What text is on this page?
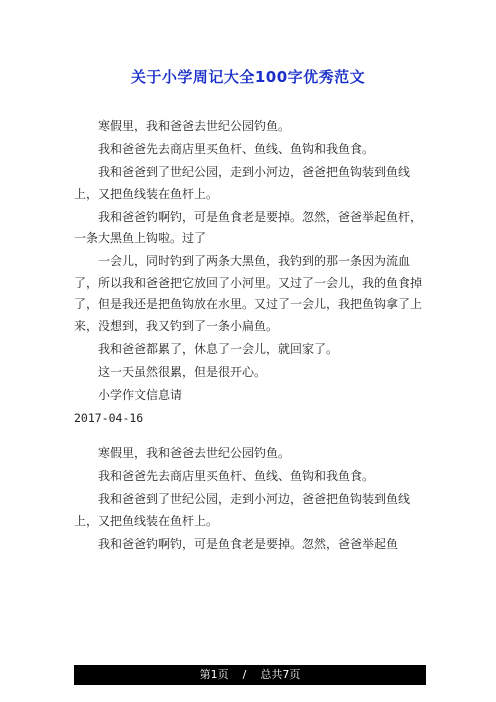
关于小学周记大全100字优秀范文

寒假里，我和爸爸去世纪公园钓鱼。

我和爸爸先去商店里买鱼杆、鱼线、鱼钩和我鱼食。

我和爸爸到了世纪公园，走到小河边，爸爸把鱼钩装到鱼线上，又把鱼线装在鱼杆上。

我和爸爸钓啊钓，可是鱼食老是要掉。忽然，爸爸举起鱼杆，一条大黑鱼上钩啦。过了

一会儿，同时钓到了两条大黑鱼，我钓到的那一条因为流血了，所以我和爸爸把它放回了小河里。又过了一会儿，我的鱼食掉了，但是我还是把鱼钩放在水里。又过了一会儿，我把鱼钩拿了上来，没想到，我又钓到了一条小扁鱼。

我和爸爸都累了，休息了一会儿，就回家了。

这一天虽然很累，但是很开心。

小学作文信息请

2017-04-16

寒假里，我和爸爸去世纪公园钓鱼。

我和爸爸先去商店里买鱼杆、鱼线、鱼钩和我鱼食。

我和爸爸到了世纪公园，走到小河边，爸爸把鱼钩装到鱼线上，又把鱼线装在鱼杆上。

我和爸爸钓啊钓，可是鱼食老是要掉。忽然，爸爸举起鱼

第1页 / 总共7页
